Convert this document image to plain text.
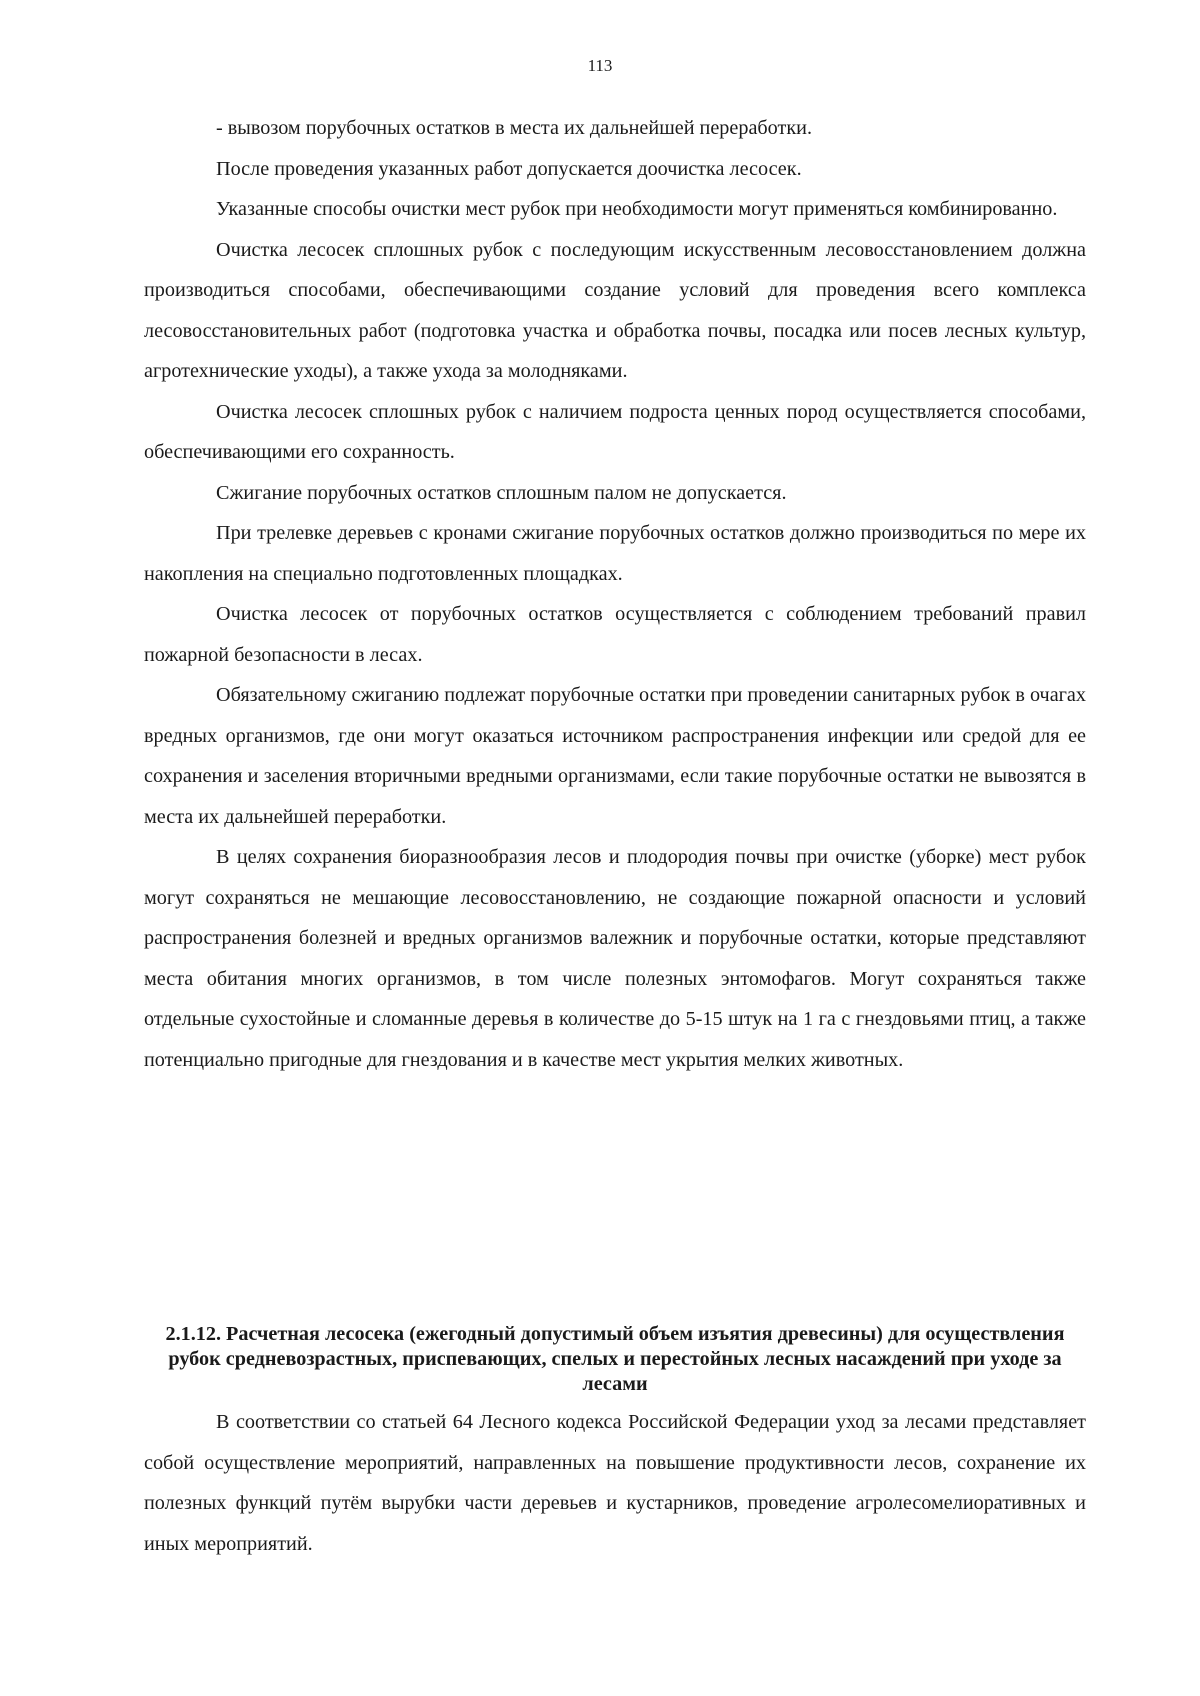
113

- вывозом порубочных остатков в места их дальнейшей переработки.

После проведения указанных работ допускается доочистка лесосек.

Указанные способы очистки мест рубок при необходимости могут применяться комбинированно.

Очистка лесосек сплошных рубок с последующим искусственным лесовосстановлением должна производиться способами, обеспечивающими создание условий для проведения всего комплекса лесовосстановительных работ (подготовка участка и обработка почвы, посадка или посев лесных культур, агротехнические уходы), а также ухода за молодняками.

Очистка лесосек сплошных рубок с наличием подроста ценных пород осуществляется способами, обеспечивающими его сохранность.

Сжигание порубочных остатков сплошным палом не допускается.

При трелевке деревьев с кронами сжигание порубочных остатков должно производиться по мере их накопления на специально подготовленных площадках.

Очистка лесосек от порубочных остатков осуществляется с соблюдением требований правил пожарной безопасности в лесах.

Обязательному сжиганию подлежат порубочные остатки при проведении санитарных рубок в очагах вредных организмов, где они могут оказаться источником распространения инфекции или средой для ее сохранения и заселения вторичными вредными организмами, если такие порубочные остатки не вывозятся в места их дальнейшей переработки.

В целях сохранения биоразнообразия лесов и плодородия почвы при очистке (уборке) мест рубок могут сохраняться не мешающие лесовосстановлению, не создающие пожарной опасности и условий распространения болезней и вредных организмов валежник и порубочные остатки, которые представляют места обитания многих организмов, в том числе полезных энтомофагов. Могут сохраняться также отдельные сухостойные и сломанные деревья в количестве до 5-15 штук на 1 га с гнездовьями птиц, а также потенциально пригодные для гнездования и в качестве мест укрытия мелких животных.

2.1.12. Расчетная лесосека (ежегодный допустимый объем изъятия древесины) для осуществления рубок средневозрастных, приспевающих, спелых и перестойных лесных насаждений при уходе за лесами

В соответствии со статьей 64 Лесного кодекса Российской Федерации уход за лесами представляет собой осуществление мероприятий, направленных на повышение продуктивности лесов, сохранение их полезных функций путём вырубки части деревьев и кустарников, проведение агролесомелиоративных и иных мероприятий.
